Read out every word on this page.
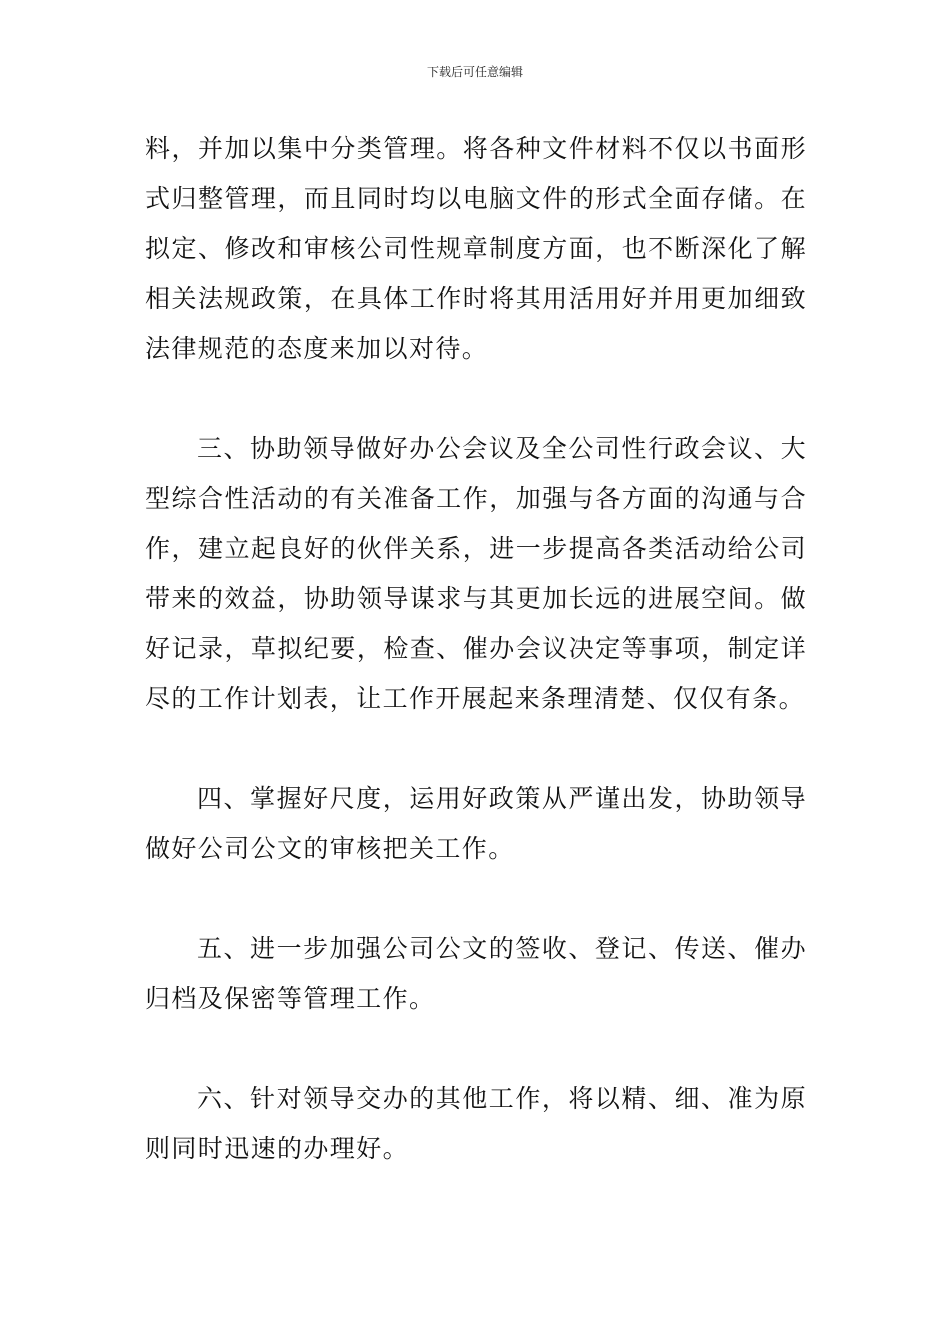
下载后可任意编辑

料，并加以集中分类管理。将各种文件材料不仅以书面形式归整管理，而且同时均以电脑文件的形式全面存储。在拟定、修改和审核公司性规章制度方面，也不断深化了解相关法规政策，在具体工作时将其用活用好并用更加细致法律规范的态度来加以对待。

三、协助领导做好办公会议及全公司性行政会议、大型综合性活动的有关准备工作，加强与各方面的沟通与合作，建立起良好的伙伴关系，进一步提高各类活动给公司带来的效益，协助领导谋求与其更加长远的进展空间。做好记录，草拟纪要，检查、催办会议决定等事项，制定详尽的工作计划表，让工作开展起来条理清楚、仅仅有条。

四、掌握好尺度，运用好政策从严谨出发，协助领导做好公司公文的审核把关工作。

五、进一步加强公司公文的签收、登记、传送、催办归档及保密等管理工作。

六、针对领导交办的其他工作，将以精、细、准为原则同时迅速的办理好。
